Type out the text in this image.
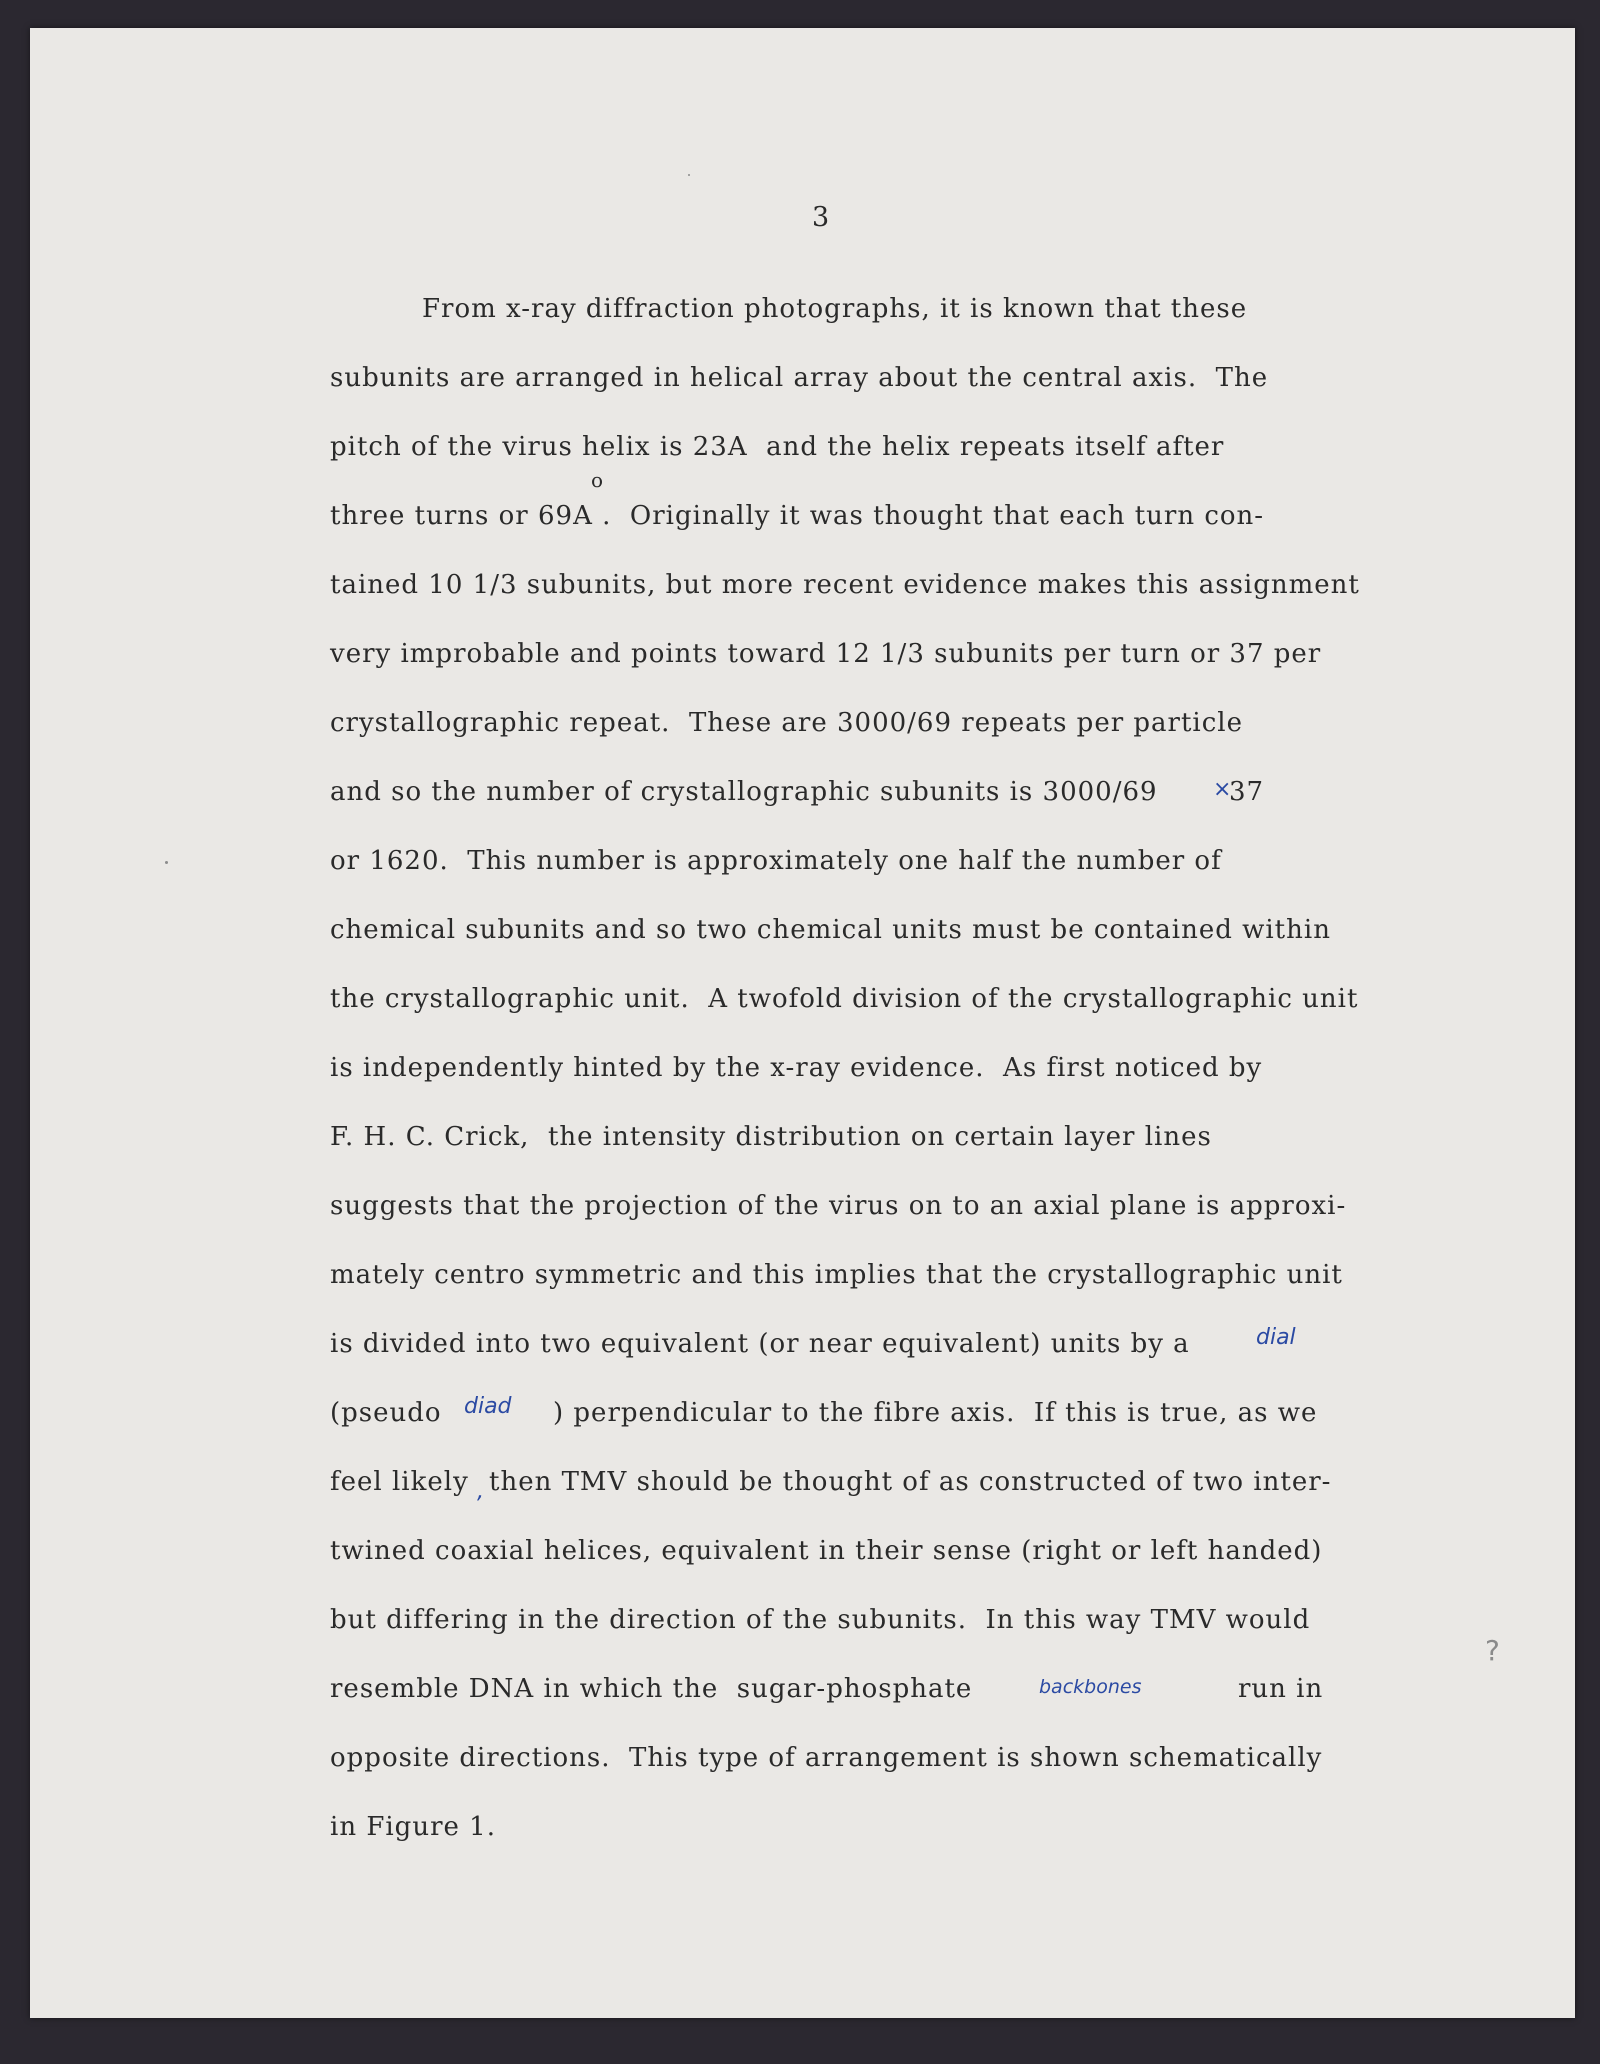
3
From x-ray diffraction photographs, it is known that these
subunits are arranged in helical array about the central axis.  The
pitch of the virus helix is 23A  and the helix repeats itself after
o
three turns or 69A .  Originally it was thought that each turn con-
tained 10 1/3 subunits, but more recent evidence makes this assignment
very improbable and points toward 12 1/3 subunits per turn or 37 per
crystallographic repeat.  These are 3000/69 repeats per particle
and so the number of crystallographic subunits is 3000/69	×
37
or 1620.  This number is approximately one half the number of
chemical subunits and so two chemical units must be contained within
the crystallographic unit.  A twofold division of the crystallographic unit
is independently hinted by the x-ray evidence.  As first noticed by
F. H. C. Crick,  the intensity distribution on certain layer lines
suggests that the projection of the virus on to an axial plane is approxi-
mately centro symmetric and this implies that the crystallographic unit
is divided into two equivalent (or near equivalent) units by a	dial
(pseudo diad ) perpendicular to the fibre axis.  If this is true, as we
feel likely , then TMV should be thought of as constructed of two inter-
twined coaxial helices, equivalent in their sense (right or left handed)
but differing in the direction of the subunits.  In this way TMV would
resemble DNA in which the  sugar-phosphate	backbones	run in
opposite directions.  This type of arrangement is shown schematically
in Figure 1.
?
